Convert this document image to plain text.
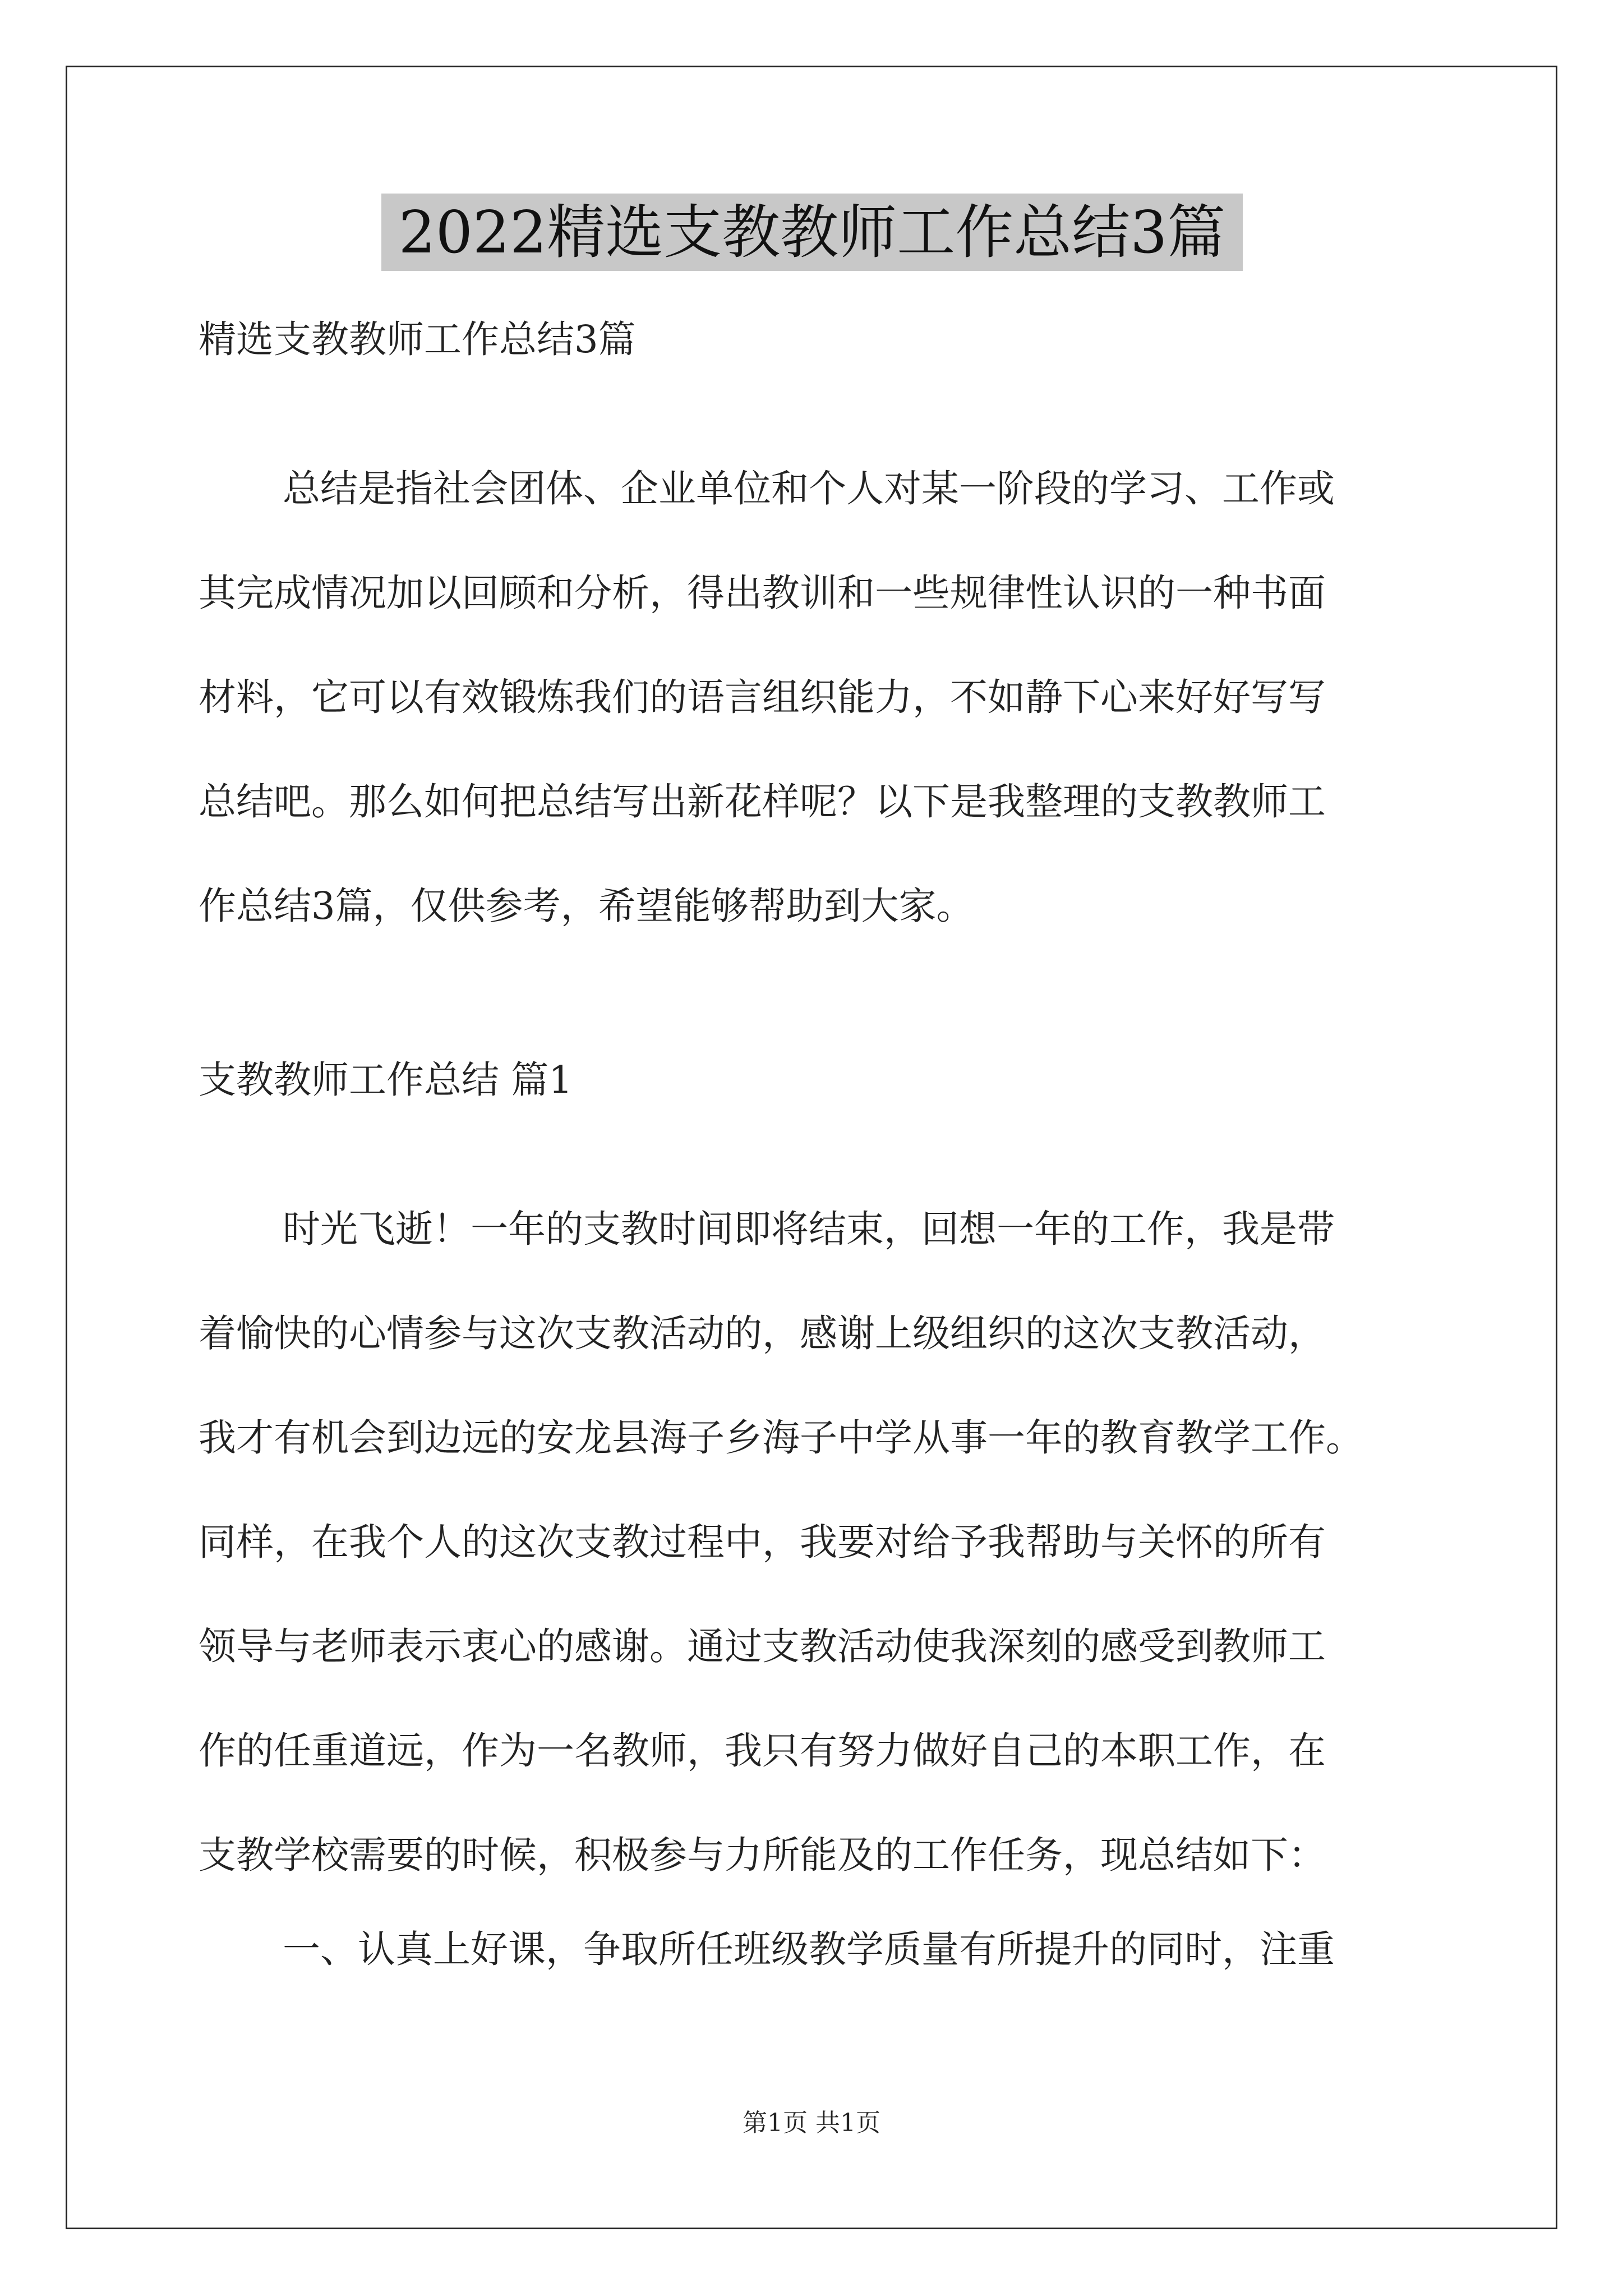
2022精选支教教师工作总结3篇
精选支教教师工作总结3篇

总结是指社会团体、企业单位和个人对某一阶段的学习、工作或

其完成情况加以回顾和分析，得出教训和一些规律性认识的一种书面

材料，它可以有效锻炼我们的语言组织能力，不如静下心来好好写写

总结吧。那么如何把总结写出新花样呢？以下是我整理的支教教师工

作总结3篇，仅供参考，希望能够帮助到大家。

支教教师工作总结 篇1

时光飞逝！一年的支教时间即将结束，回想一年的工作，我是带

着愉快的心情参与这次支教活动的，感谢上级组织的这次支教活动，

我才有机会到边远的安龙县海子乡海子中学从事一年的教育教学工作。

同样，在我个人的这次支教过程中，我要对给予我帮助与关怀的所有

领导与老师表示衷心的感谢。通过支教活动使我深刻的感受到教师工

作的任重道远，作为一名教师，我只有努力做好自己的本职工作，在

支教学校需要的时候，积极参与力所能及的工作任务，现总结如下：

一、认真上好课，争取所任班级教学质量有所提升的同时，注重
第1页 共1页
